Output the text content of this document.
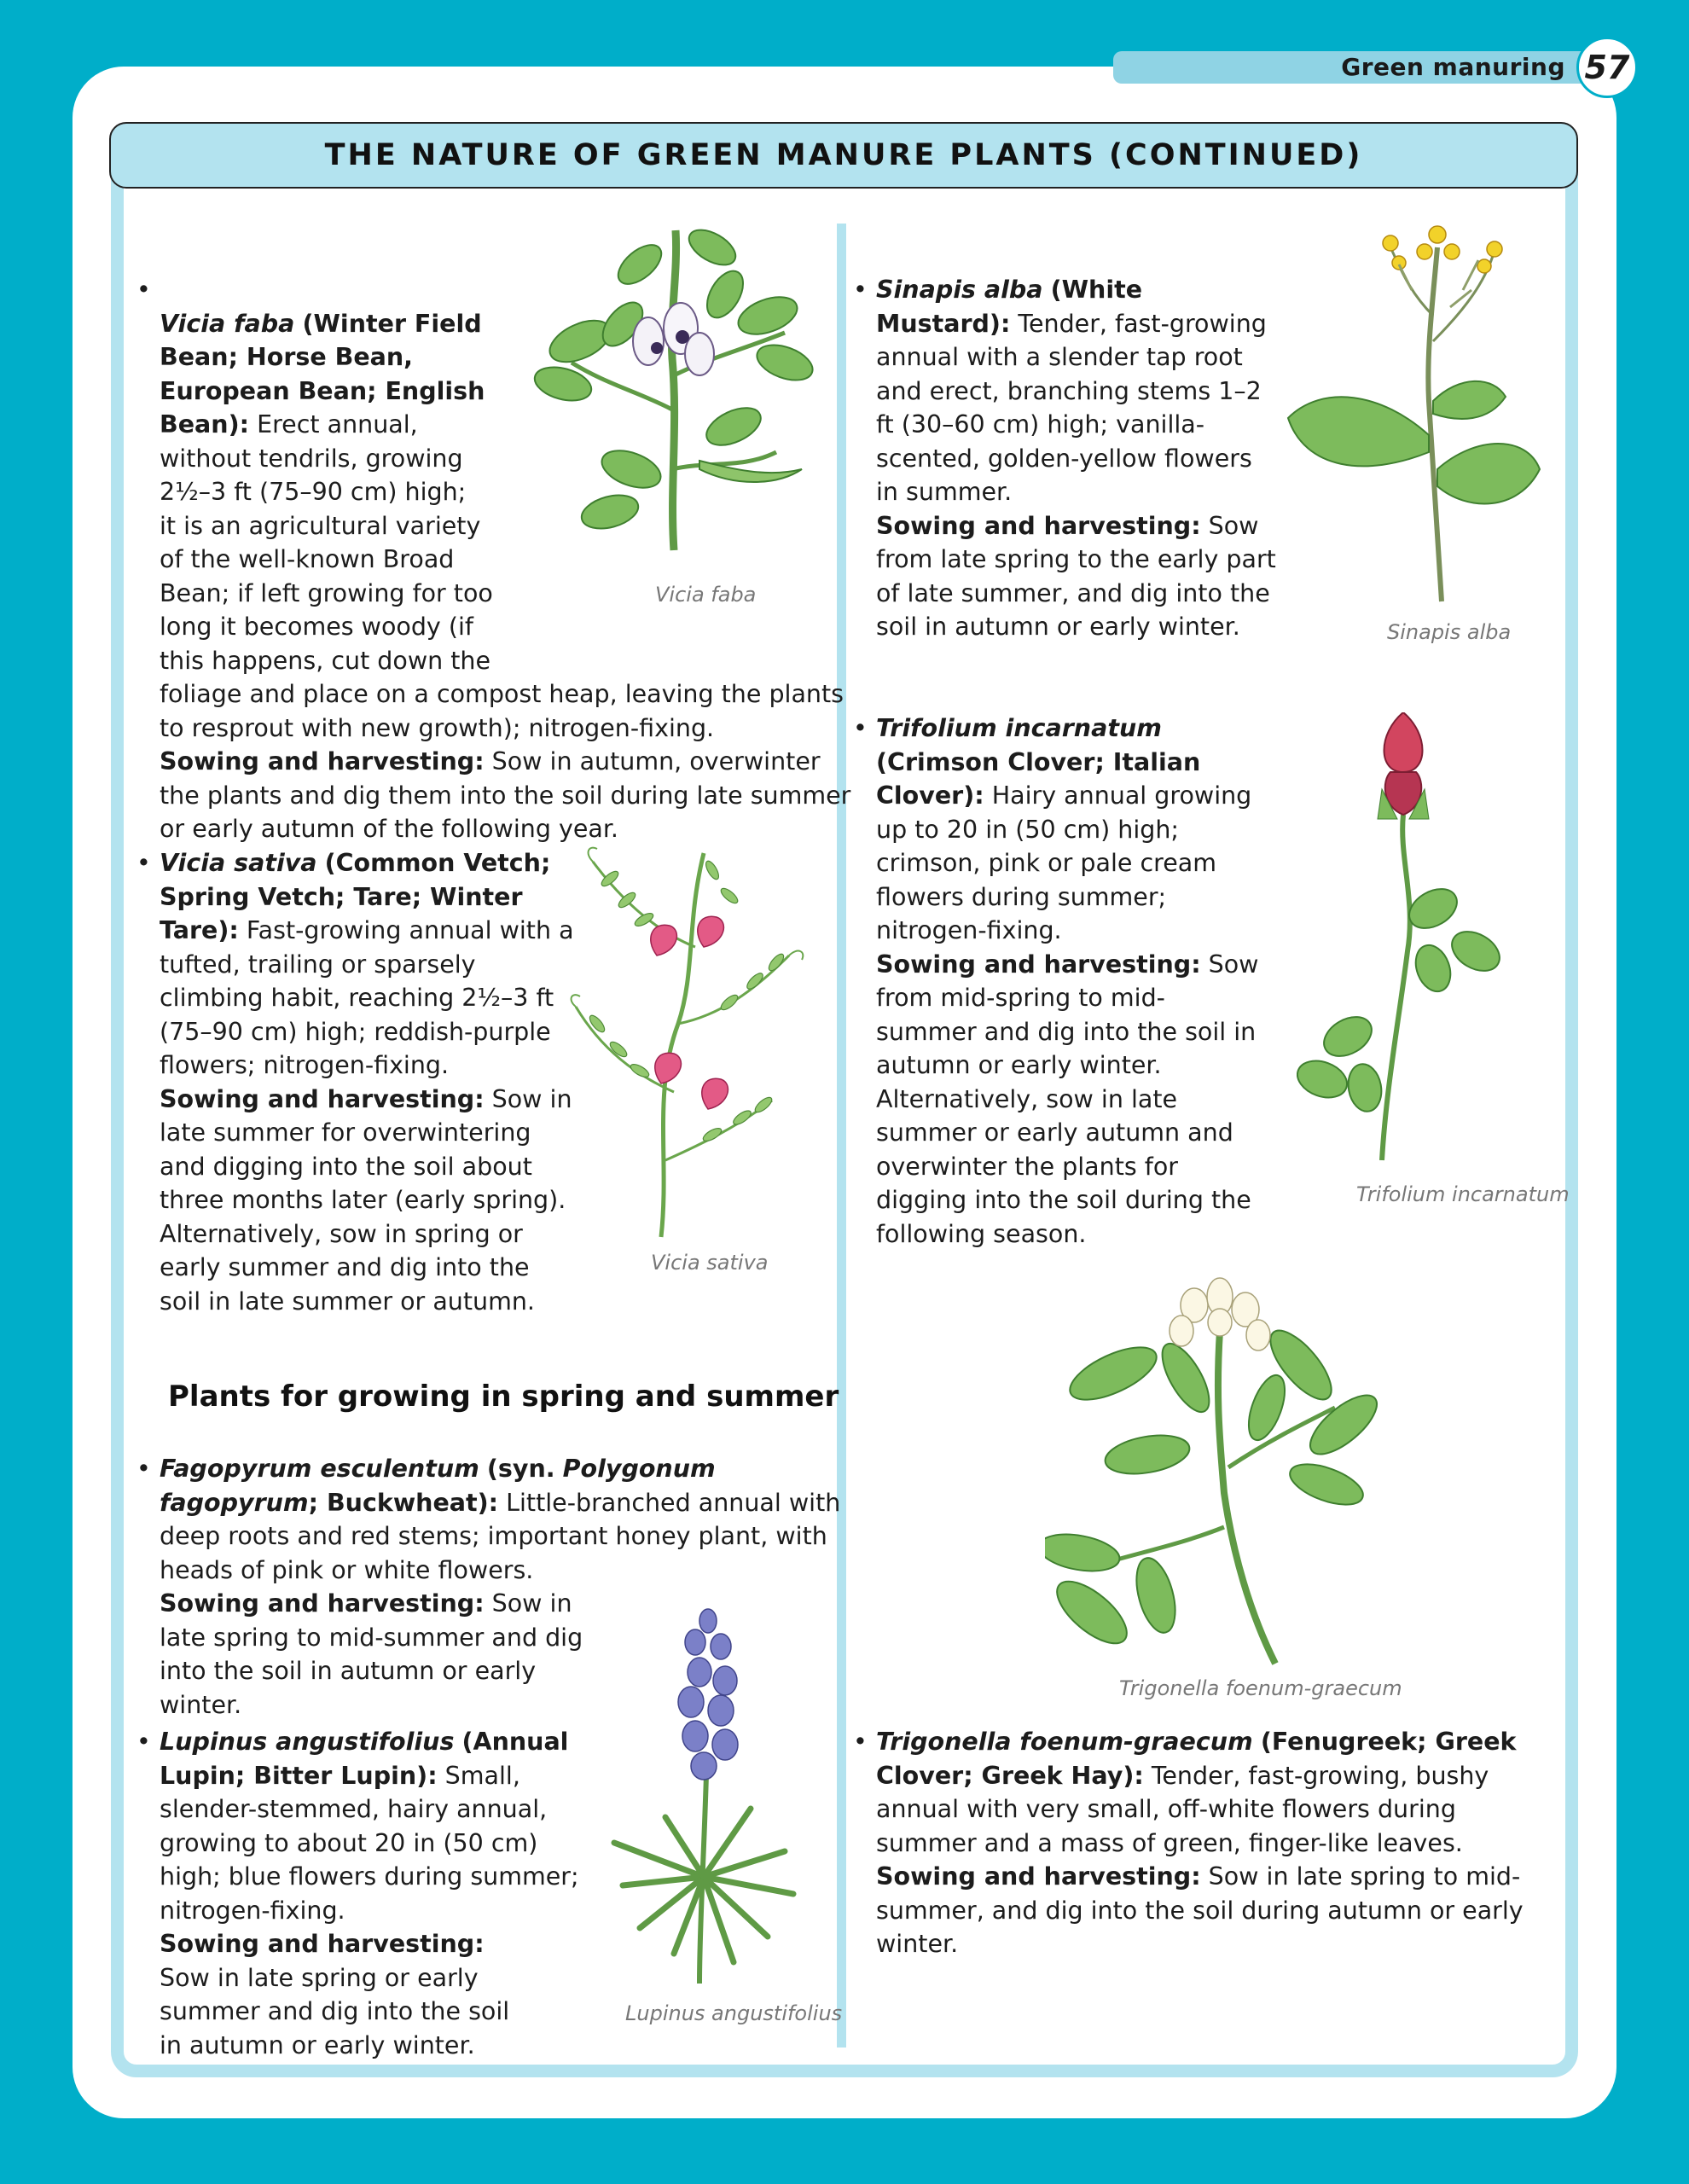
Green manuring 57
THE NATURE OF GREEN MANURE PLANTS (CONTINUED)
•
Vicia faba (Winter Field
Bean; Horse Bean,
European Bean; English
Bean): Erect annual,
without tendrils, growing
2½–3 ft (75–90 cm) high;
it is an agricultural variety
of the well-known Broad
Bean; if left growing for too
long it becomes woody (if
this happens, cut down the
foliage and place on a compost heap, leaving the plants to resprout with new growth); nitrogen-fixing.
Sowing and harvesting: Sow in autumn, overwinter the plants and dig them into the soil during late summer or early autumn of the following year.
• Vicia sativa (Common Vetch; Spring Vetch; Tare; Winter Tare): Fast-growing annual with a tufted, trailing or sparsely climbing habit, reaching 2½–3 ft (75–90 cm) high; reddish-purple flowers; nitrogen-fixing.
Sowing and harvesting: Sow in late summer for overwintering and digging into the soil about three months later (early spring). Alternatively, sow in spring or early summer and dig into the soil in late summer or autumn.
Plants for growing in spring and summer
• Fagopyrum esculentum (syn. Polygonum fagopyrum; Buckwheat): Little-branched annual with deep roots and red stems; important honey plant, with heads of pink or white flowers.
Sowing and harvesting: Sow in late spring to mid-summer and dig into the soil in autumn or early winter.
• Lupinus angustifolius (Annual Lupin; Bitter Lupin): Small, slender-stemmed, hairy annual, growing to about 20 in (50 cm) high; blue flowers during summer; nitrogen-fixing.
Sowing and harvesting: Sow in late spring or early summer and dig into the soil in autumn or early winter.
• Sinapis alba (White Mustard): Tender, fast-growing annual with a slender tap root and erect, branching stems 1–2 ft (30–60 cm) high; vanilla-scented, golden-yellow flowers in summer.
Sowing and harvesting: Sow from late spring to the early part of late summer, and dig into the soil in autumn or early winter.
• Trifolium incarnatum (Crimson Clover; Italian Clover): Hairy annual growing up to 20 in (50 cm) high; crimson, pink or pale cream flowers during summer; nitrogen-fixing.
Sowing and harvesting: Sow from mid-spring to mid-summer and dig into the soil in autumn or early winter. Alternatively, sow in late summer or early autumn and overwinter the plants for digging into the soil during the following season.
• Trigonella foenum-graecum (Fenugreek; Greek Clover; Greek Hay): Tender, fast-growing, bushy annual with very small, off-white flowers during summer and a mass of green, finger-like leaves.
Sowing and harvesting: Sow in late spring to mid-summer, and dig into the soil during autumn or early winter.
Vicia faba
Vicia sativa
Lupinus angustifolius
Sinapis alba
Trifolium incarnatum
Trigonella foenum-graecum
